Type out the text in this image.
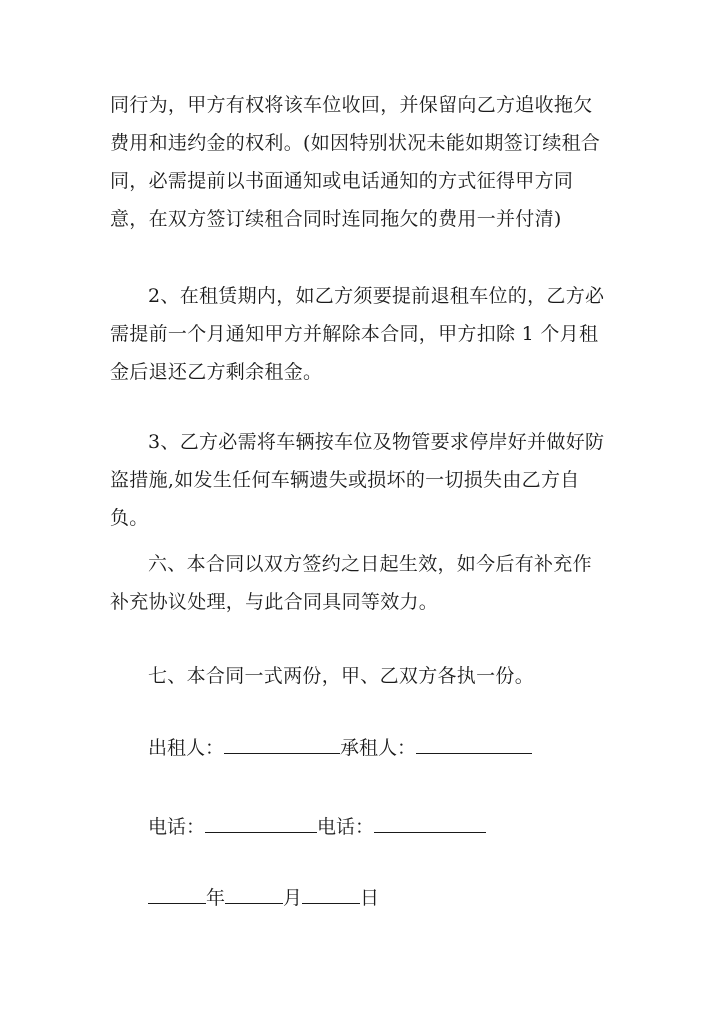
同行为，甲方有权将该车位收回，并保留向乙方追收拖欠费用和违约金的权利。(如因特别状况未能如期签订续租合同，必需提前以书面通知或电话通知的方式征得甲方同意，在双方签订续租合同时连同拖欠的费用一并付清)

2、在租赁期内，如乙方须要提前退租车位的，乙方必需提前一个月通知甲方并解除本合同，甲方扣除 1 个月租金后退还乙方剩余租金。

3、乙方必需将车辆按车位及物管要求停岸好并做好防盗措施,如发生任何车辆遗失或损坏的一切损失由乙方自负。

六、本合同以双方签约之日起生效，如今后有补充作补充协议处理，与此合同具同等效力。

七、本合同一式两份，甲、乙双方各执一份。

出租人：	承租人：

电话：	电话：

年	月	日
